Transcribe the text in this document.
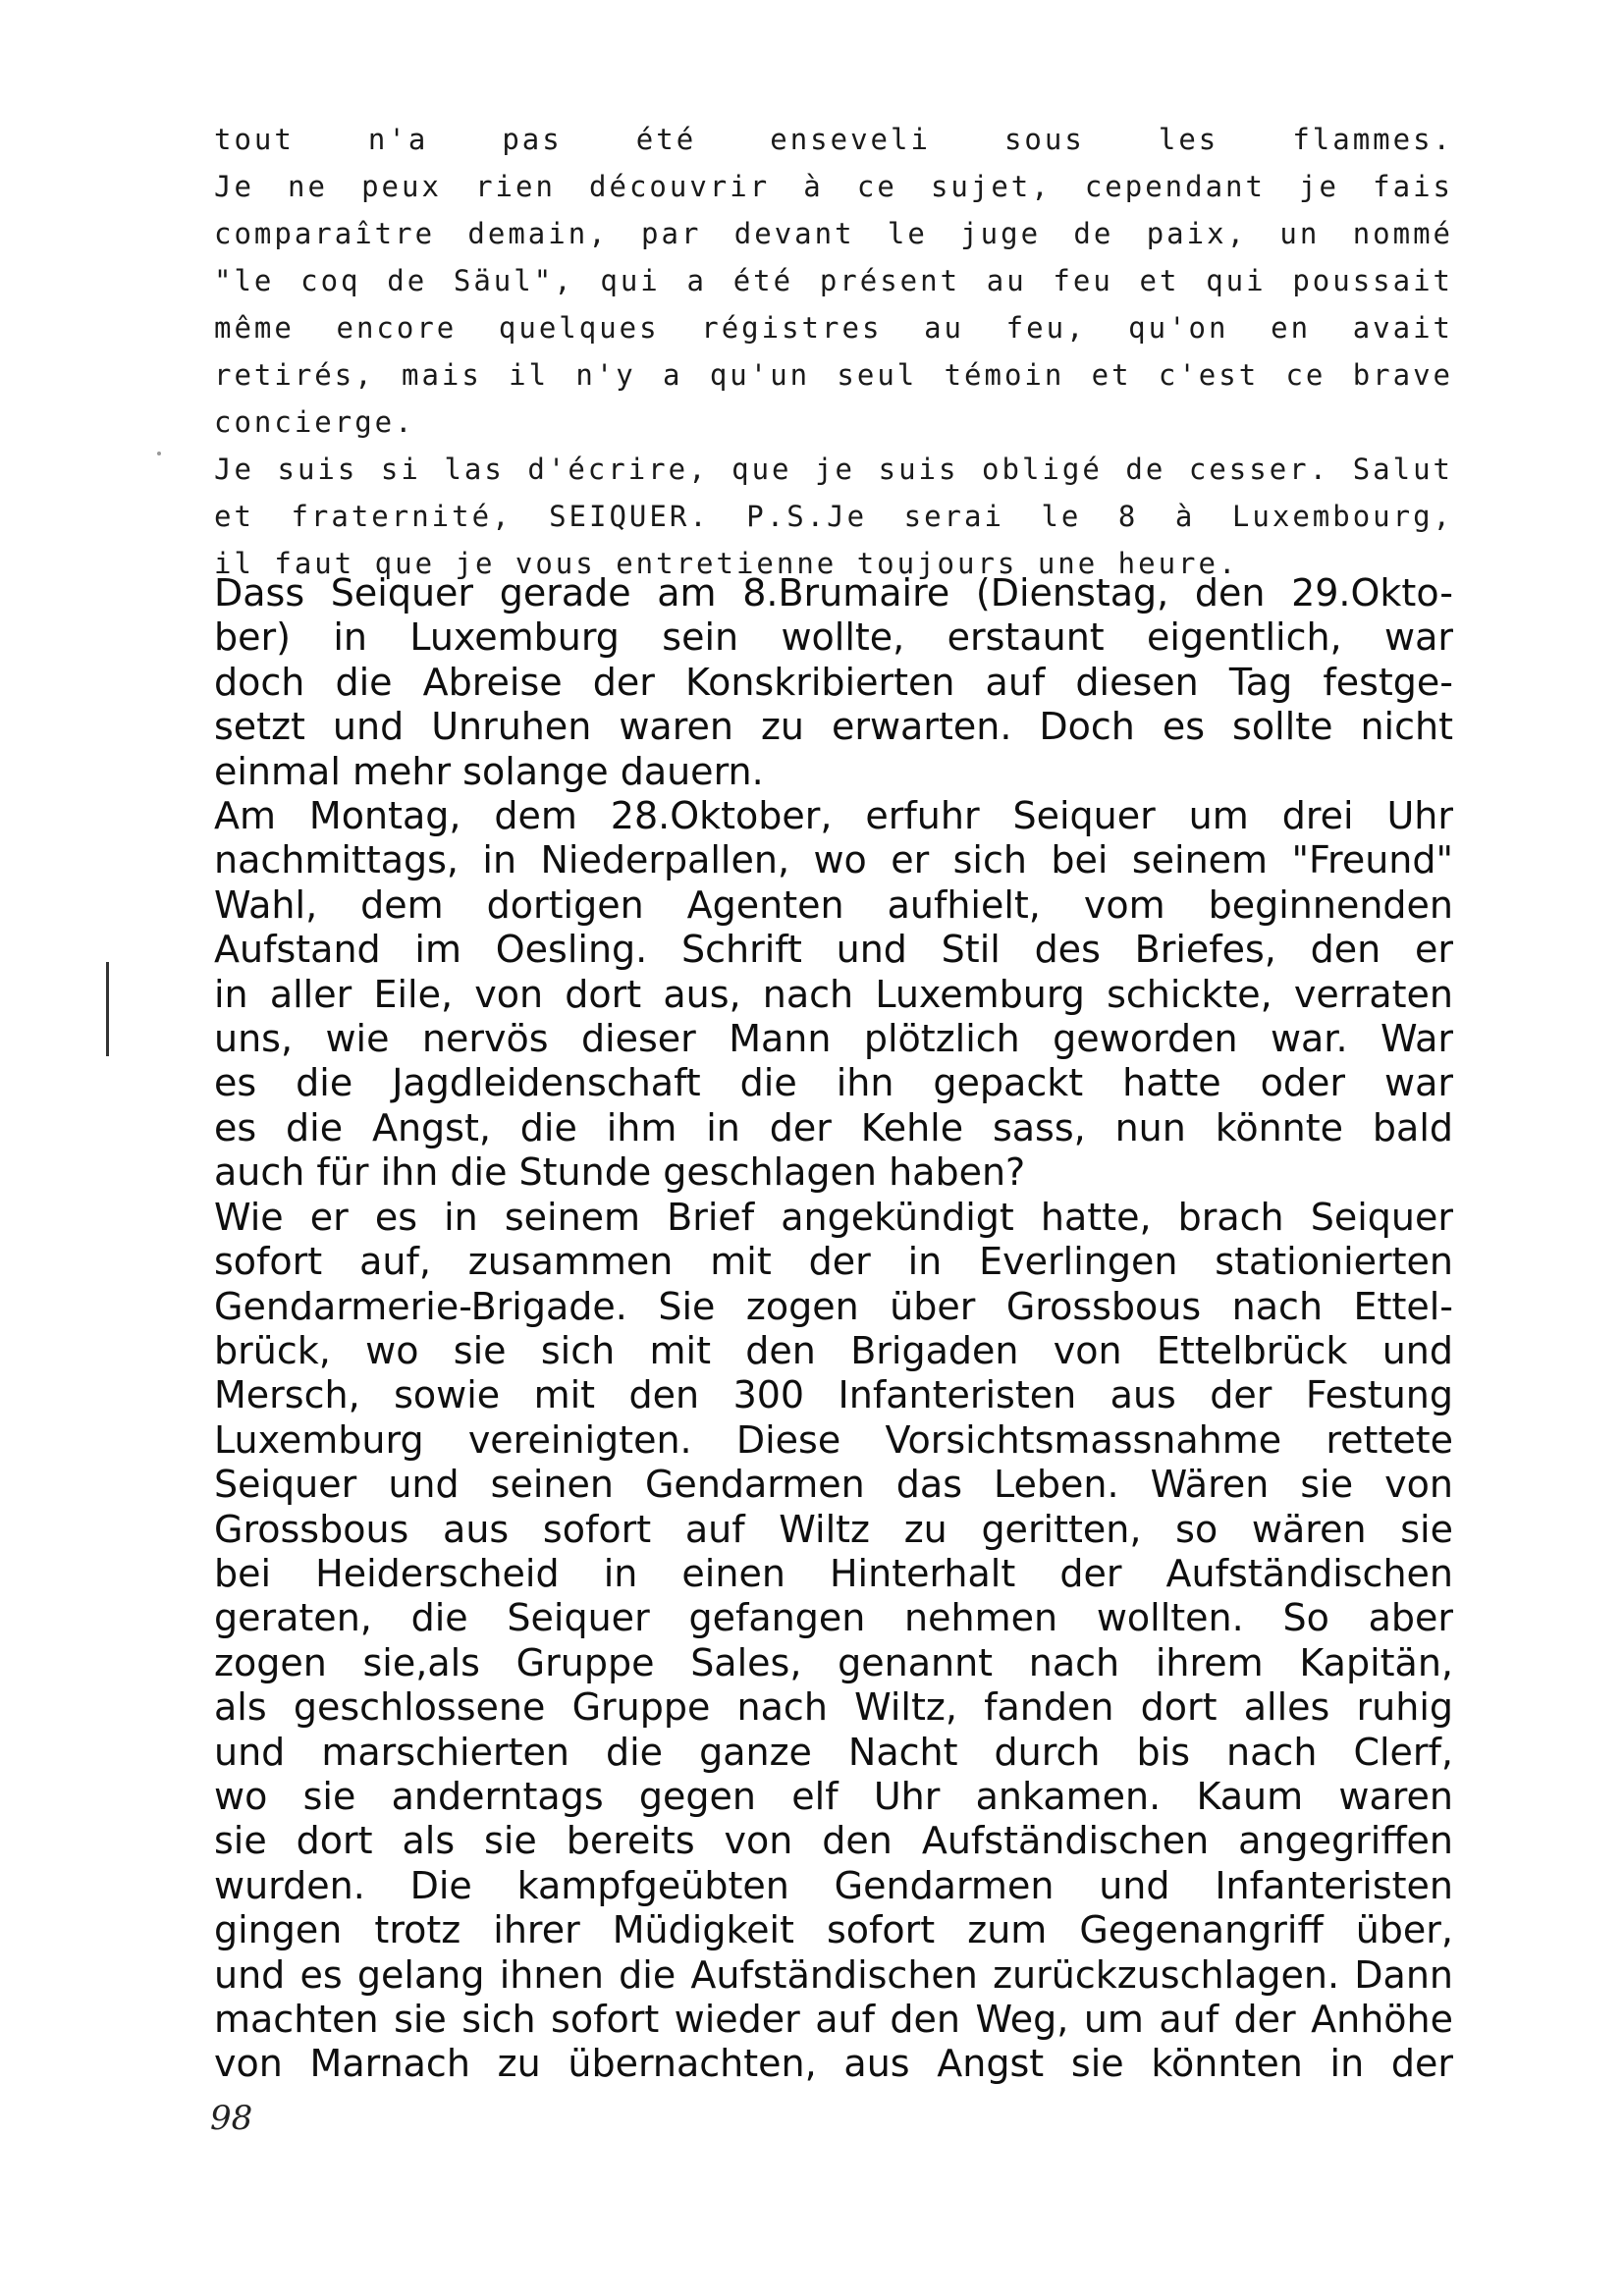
tout n'a pas été enseveli sous les flammes.
Je ne peux rien découvrir à ce sujet, cependant je fais
comparaître demain, par devant le juge de paix, un nommé
"le coq de Säul", qui a été présent au feu et qui poussait
même encore quelques régistres au feu, qu'on en avait
retirés, mais il n'y a qu'un seul témoin et c'est ce brave
concierge.
Je suis si las d'écrire, que je suis obligé de cesser. Salut
et fraternité, SEIQUER. P.S.Je serai le 8 à Luxembourg,
il faut que je vous entretienne toujours une heure.
Dass Seiquer gerade am 8.Brumaire (Dienstag, den 29.Okto-
ber) in Luxemburg sein wollte, erstaunt eigentlich, war
doch die Abreise der Konskribierten auf diesen Tag festge-
setzt und Unruhen waren zu erwarten. Doch es sollte nicht
einmal mehr solange dauern.
Am Montag, dem 28.Oktober, erfuhr Seiquer um drei Uhr
nachmittags, in Niederpallen, wo er sich bei seinem "Freund"
Wahl, dem dortigen Agenten aufhielt, vom beginnenden
Aufstand im Oesling. Schrift und Stil des Briefes, den er
in aller Eile, von dort aus, nach Luxemburg schickte, verraten
uns, wie nervös dieser Mann plötzlich geworden war. War
es die Jagdleidenschaft die ihn gepackt hatte oder war
es die Angst, die ihm in der Kehle sass, nun könnte bald
auch für ihn die Stunde geschlagen haben?
Wie er es in seinem Brief angekündigt hatte, brach Seiquer
sofort auf, zusammen mit der in Everlingen stationierten
Gendarmerie-Brigade. Sie zogen über Grossbous nach Ettel-
brück, wo sie sich mit den Brigaden von Ettelbrück und
Mersch, sowie mit den 300 Infanteristen aus der Festung
Luxemburg vereinigten. Diese Vorsichtsmassnahme rettete
Seiquer und seinen Gendarmen das Leben. Wären sie von
Grossbous aus sofort auf Wiltz zu geritten, so wären sie
bei Heiderscheid in einen Hinterhalt der Aufständischen
geraten, die Seiquer gefangen nehmen wollten. So aber
zogen sie,als Gruppe Sales, genannt nach ihrem Kapitän,
als geschlossene Gruppe nach Wiltz, fanden dort alles ruhig
und marschierten die ganze Nacht durch bis nach Clerf,
wo sie anderntags gegen elf Uhr ankamen. Kaum waren
sie dort als sie bereits von den Aufständischen angegriffen
wurden. Die kampfgeübten Gendarmen und Infanteristen
gingen trotz ihrer Müdigkeit sofort zum Gegenangriff über,
und es gelang ihnen die Aufständischen zurückzuschlagen. Dann
machten sie sich sofort wieder auf den Weg, um auf der Anhöhe
von Marnach zu übernachten, aus Angst sie könnten in der
98
